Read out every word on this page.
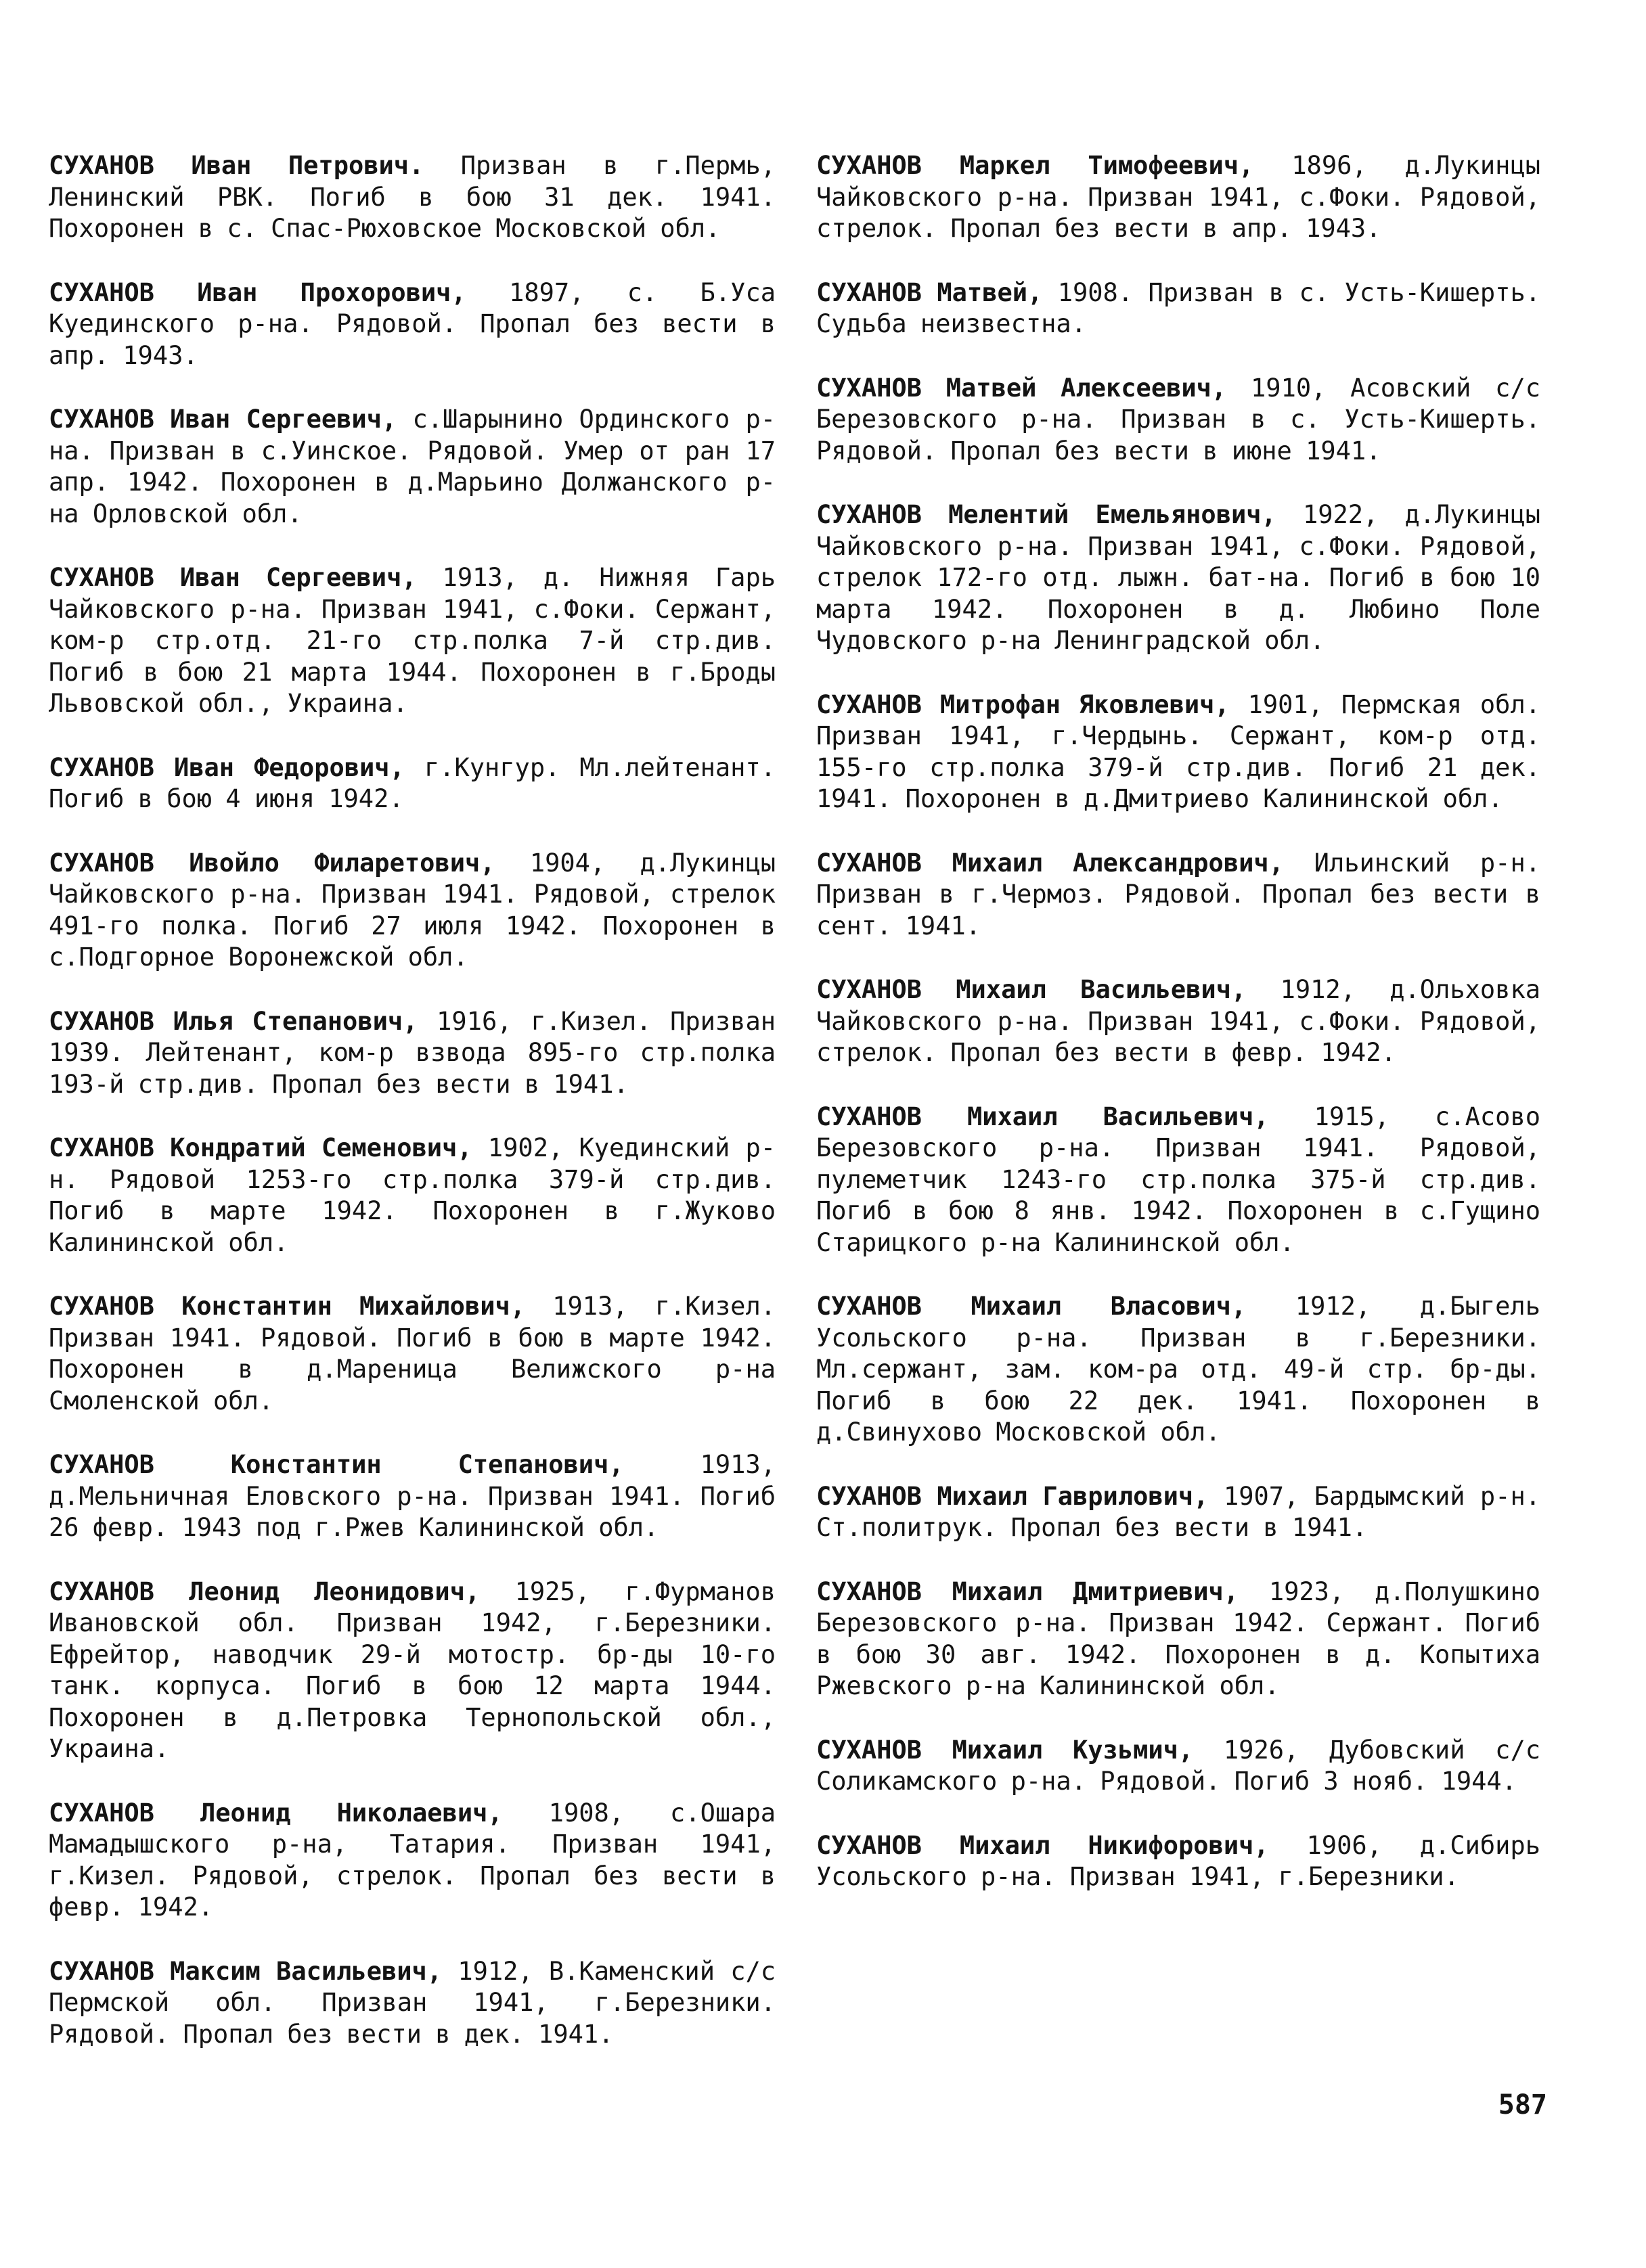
СУХАНОВ Иван Петрович. Призван в г.Пермь, Ленинский РВК. Погиб в бою 31 дек. 1941. Похоронен в с. Спас-Рюховское Московской обл.

СУХАНОВ Иван Прохорович, 1897, с. Б.Уса Куединского р-на. Рядовой. Пропал без вести в апр. 1943.

СУХАНОВ Иван Сергеевич, с.Шарынино Ординского р-на. Призван в с.Уинское. Рядовой. Умер от ран 17 апр. 1942. Похоронен в д.Марьино Должанского р-на Орловской обл.

СУХАНОВ Иван Сергеевич, 1913, д. Нижняя Гарь Чайковского р-на. Призван 1941, с.Фоки. Сержант, ком-р стр.отд. 21-го стр.полка 7-й стр.див. Погиб в бою 21 марта 1944. Похоронен в г.Броды Львовской обл., Украина.

СУХАНОВ Иван Федорович, г.Кунгур. Мл.лейтенант. Погиб в бою 4 июня 1942.

СУХАНОВ Ивойло Филаретович, 1904, д.Лукинцы Чайковского р-на. Призван 1941. Рядовой, стрелок 491-го полка. Погиб 27 июля 1942. Похоронен в с.Подгорное Воронежской обл.

СУХАНОВ Илья Степанович, 1916, г.Кизел. Призван 1939. Лейтенант, ком-р взвода 895-го стр.полка 193-й стр.див. Пропал без вести в 1941.

СУХАНОВ Кондратий Семенович, 1902, Куединский р-н. Рядовой 1253-го стр.полка 379-й стр.див. Погиб в марте 1942. Похоронен в г.Жуково Калининской обл.

СУХАНОВ Константин Михайлович, 1913, г.Кизел. Призван 1941. Рядовой. Погиб в бою в марте 1942. Похоронен в д.Мареница Велижского р-на Смоленской обл.

СУХАНОВ	Константин Степанович,	1913, д.Мельничная Еловского р-на. Призван 1941. Погиб 26 февр. 1943 под г.Ржев Калининской обл.

СУХАНОВ Леонид Леонидович, 1925, г.Фурманов Ивановской обл. Призван 1942, г.Березники. Ефрейтор, наводчик 29-й мотостр. бр-ды 10-го танк. корпуса. Погиб в бою 12 марта 1944. Похоронен в д.Петровка Тернопольской обл., Украина.

СУХАНОВ Леонид Николаевич, 1908, с.Ошара Мамадышского р-на, Татария. Призван 1941, г.Кизел. Рядовой, стрелок. Пропал без вести в февр. 1942.

СУХАНОВ Максим Васильевич, 1912, В.Каменский с/с Пермской обл. Призван 1941, г.Березники. Рядовой. Пропал без вести в дек. 1941.

СУХАНОВ Маркел Тимофеевич, 1896, д.Лукинцы Чайковского р-на. Призван 1941, с.Фоки. Рядовой, стрелок. Пропал без вести в апр. 1943.

СУХАНОВ Матвей, 1908. Призван в с. Усть-Кишерть. Судьба неизвестна.

СУХАНОВ Матвей Алексеевич, 1910, Асовский с/с Березовского р-на. Призван в с. Усть-Кишерть. Рядовой. Пропал без вести в июне 1941.

СУХАНОВ Мелентий Емельянович, 1922, д.Лукинцы Чайковского р-на. Призван 1941, с.Фоки. Рядовой, стрелок 172-го отд. лыжн. бат-на. Погиб в бою 10 марта 1942. Похоронен в д. Любино Поле Чудовского р-на Ленинградской обл.

СУХАНОВ Митрофан Яковлевич, 1901, Пермская обл. Призван 1941, г.Чердынь. Сержант, ком-р отд. 155-го стр.полка 379-й стр.див. Погиб 21 дек. 1941. Похоронен в д.Дмитриево Калининской обл.

СУХАНОВ Михаил Александрович, Ильинский р-н. Призван в г.Чермоз. Рядовой. Пропал без вести в сент. 1941.

СУХАНОВ Михаил Васильевич, 1912, д.Ольховка Чайковского р-на. Призван 1941, с.Фоки. Рядовой, стрелок. Пропал без вести в февр. 1942.

СУХАНОВ Михаил Васильевич, 1915, с.Асово Березовского р-на. Призван 1941. Рядовой, пулеметчик 1243-го стр.полка 375-й стр.див. Погиб в бою 8 янв. 1942. Похоронен в с.Гущино Старицкого р-на Калининской обл.

СУХАНОВ Михаил Власович, 1912, д.Быгель Усольского р-на. Призван в г.Березники. Мл.сержант, зам. ком-ра отд. 49-й стр. бр-ды. Погиб в бою 22 дек. 1941. Похоронен в д.Свинухово Московской обл.

СУХАНОВ Михаил Гаврилович, 1907, Бардымский р-н. Ст.политрук. Пропал без вести в 1941.

СУХАНОВ Михаил Дмитриевич, 1923, д.Полушкино Березовского р-на. Призван 1942. Сержант. Погиб в бою 30 авг. 1942. Похоронен в д. Копытиха Ржевского р-на Калининской обл.

СУХАНОВ Михаил Кузьмич, 1926, Дубовский с/с Соликамского р-на. Рядовой. Погиб 3 нояб. 1944.

СУХАНОВ Михаил Никифорович, 1906, д.Сибирь Усольского р-на. Призван 1941, г.Березники.

587
